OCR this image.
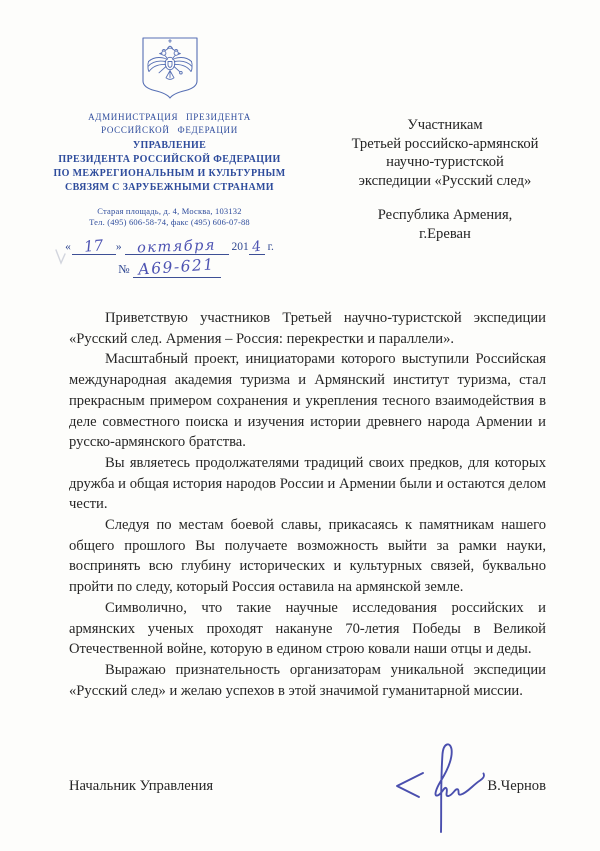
АДМИНИСТРАЦИЯ ПРЕЗИДЕНТА
РОССИЙСКОЙ ФЕДЕРАЦИИ
УПРАВЛЕНИЕ
ПРЕЗИДЕНТА РОССИЙСКОЙ ФЕДЕРАЦИИ
ПО МЕЖРЕГИОНАЛЬНЫМ И КУЛЬТУРНЫМ
СВЯЗЯМ С ЗАРУБЕЖНЫМИ СТРАНАМИ
Старая площадь, д. 4, Москва, 103132
Тел. (495) 606-58-74, факс (495) 606-07-88
« 17 » октября 201 4 г.
№ А69-621
Участникам
Третьей российско-армянской
научно-туристской
экспедиции «Русский след»
Республика Армения,
г.Ереван

Приветствую участников Третьей научно-туристской экспедиции «Русский след. Армения – Россия: перекрестки и параллели».

Масштабный проект, инициаторами которого выступили Российская международная академия туризма и Армянский институт туризма, стал прекрасным примером сохранения и укрепления тесного взаимодействия в деле совместного поиска и изучения истории древнего народа Армении и русско-армянского братства.

Вы являетесь продолжателями традиций своих предков, для которых дружба и общая история народов России и Армении были и остаются делом чести.

Следуя по местам боевой славы, прикасаясь к памятникам нашего общего прошлого Вы получаете возможность выйти за рамки науки, воспринять всю глубину исторических и культурных связей, буквально пройти по следу, который Россия оставила на армянской земле.

Символично, что такие научные исследования российских и армянских ученых проходят накануне 70-летия Победы в Великой Отечественной войне, которую в едином строю ковали наши отцы и деды.

Выражаю признательность организаторам уникальной экспедиции «Русский след» и желаю успехов в этой значимой гуманитарной миссии.

Начальник Управления	В.Чернов
